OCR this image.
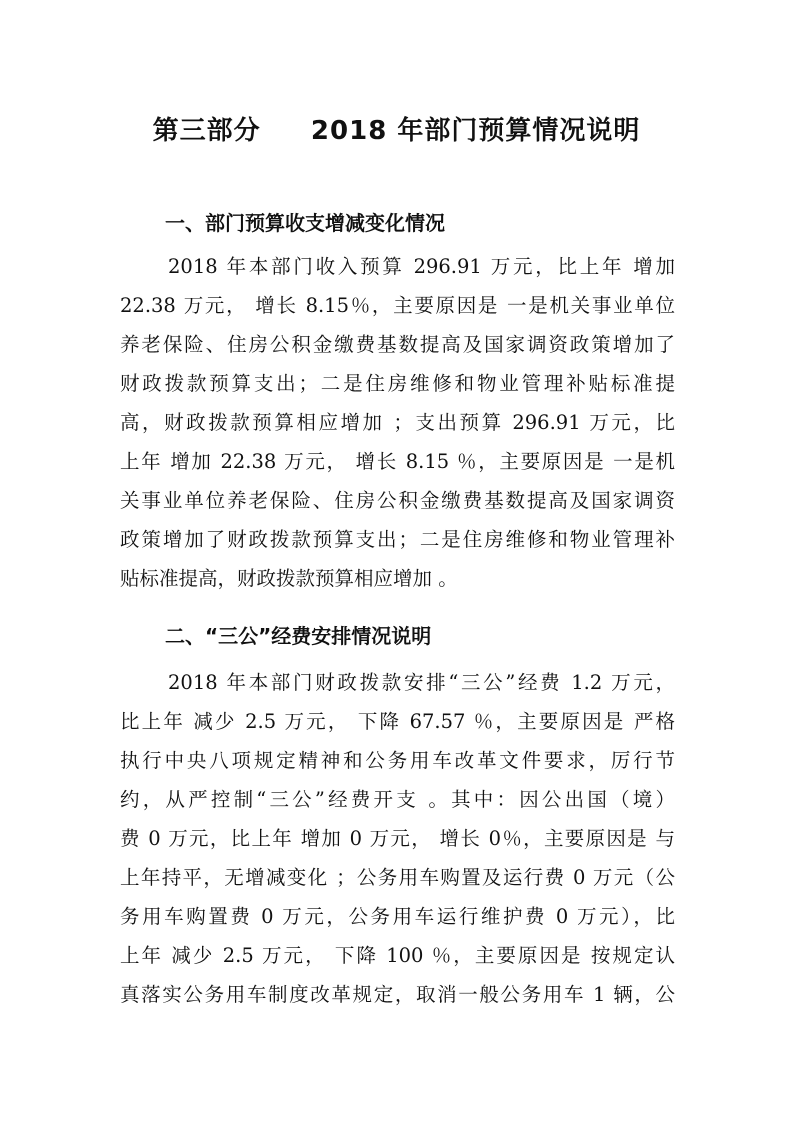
第三部分     2018 年部门预算情况说明
一、部门预算收支增减变化情况
2018 年本部门收入预算 296.91 万元，比上年 增加
22.38 万元， 增长 8.15％，主要原因是 一是机关事业单位
养老保险、住房公积金缴费基数提高及国家调资政策增加了
财政拨款预算支出；二是住房维修和物业管理补贴标准提
高，财政拨款预算相应增加 ；支出预算 296.91 万元，比
上年 增加 22.38 万元， 增长 8.15 ％，主要原因是 一是机
关事业单位养老保险、住房公积金缴费基数提高及国家调资
政策增加了财政拨款预算支出；二是住房维修和物业管理补
贴标准提高，财政拨款预算相应增加 。
二、“三公”经费安排情况说明
2018 年本部门财政拨款安排“三公”经费 1.2 万元，
比上年 减少 2.5 万元， 下降 67.57 ％，主要原因是 严格
执行中央八项规定精神和公务用车改革文件要求，厉行节
约，从严控制“三公”经费开支 。其中：因公出国（境）
费 0 万元，比上年 增加 0 万元， 增长 0％，主要原因是 与
上年持平，无增减变化 ；公务用车购置及运行费 0 万元（公
务用车购置费 0 万元，公务用车运行维护费 0 万元），比
上年 减少 2.5 万元， 下降 100 ％，主要原因是 按规定认
真落实公务用车制度改革规定，取消一般公务用车 1 辆，公
